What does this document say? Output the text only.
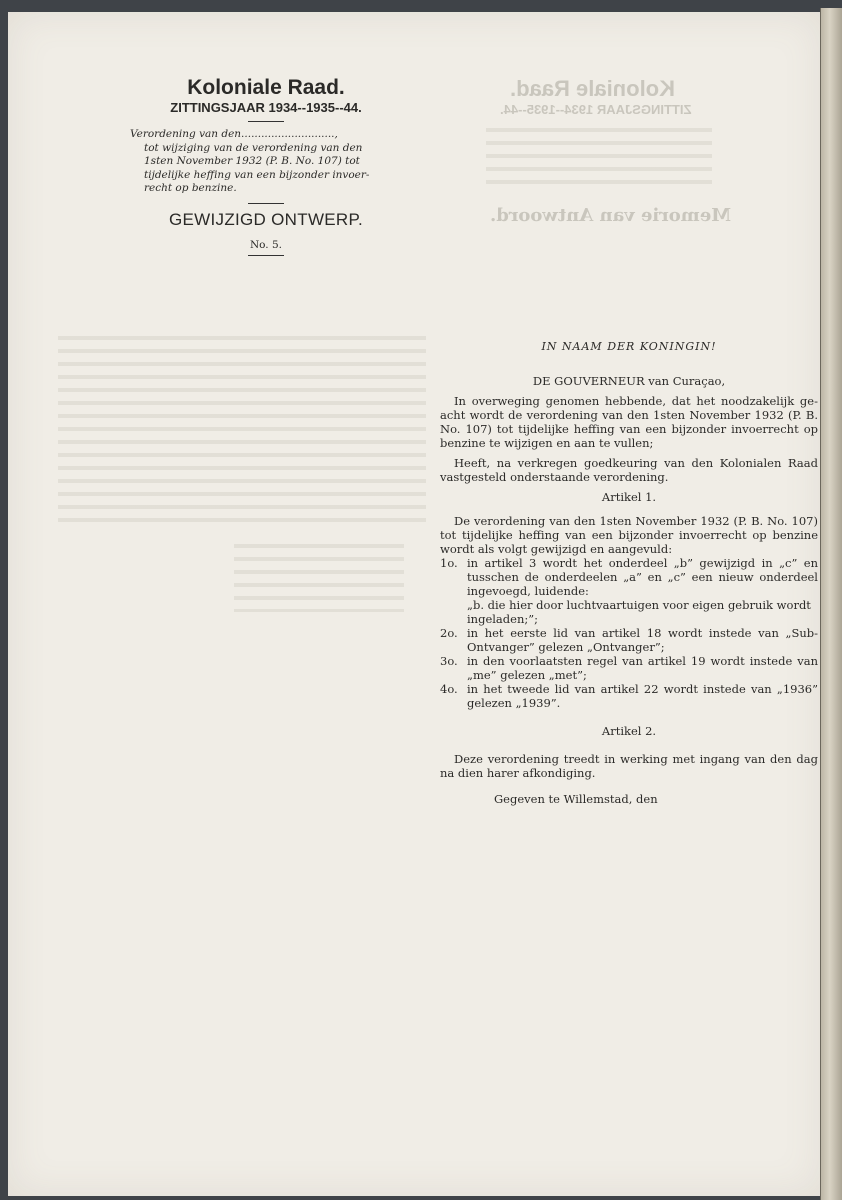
Koloniale Raad.
ZITTINGSJAAR 1934--1935--44.
Memorie van Antwoord.

Koloniale Raad.

ZITTINGSJAAR 1934--1935--44.

Verordening van den............................,
tot wijziging van de verordening van den
1sten November 1932 (P. B. No. 107) tot
tijdelijke heffing van een bijzonder invoer-
recht op benzine.

GEWIJZIGD ONTWERP.

No. 5.
IN NAAM DER KONINGIN!
DE GOUVERNEUR van Curaçao,

In overweging genomen hebbende, dat het noodzakelijk ge-acht wordt de verordening van den 1sten November 1932 (P. B. No. 107) tot tijdelijke heffing van een bijzonder invoerrecht op benzine te wijzigen en aan te vullen;

Heeft, na verkregen goedkeuring van den Kolonialen Raad vastgesteld onderstaande verordening.

Artikel 1.

De verordening van den 1sten November 1932 (P. B. No. 107) tot tijdelijke heffing van een bijzonder invoerrecht op benzine wordt als volgt gewijzigd en aangevuld:

1o. in artikel 3 wordt het onderdeel „b” gewijzigd in „c” en tusschen de onderdeelen „a” en „c” een nieuw onderdeel ingevoegd, luidende:
„b. die hier door luchtvaartuigen voor eigen gebruik wordt ingeladen;”;
2o. in het eerste lid van artikel 18 wordt instede van „Sub-Ontvanger” gelezen „Ontvanger”;
3o. in den voorlaatsten regel van artikel 19 wordt instede van „me” gelezen „met”;
4o. in het tweede lid van artikel 22 wordt instede van „1936” gelezen „1939”.
Artikel 2.

Deze verordening treedt in werking met ingang van den dag na dien harer afkondiging.

Gegeven te Willemstad, den
